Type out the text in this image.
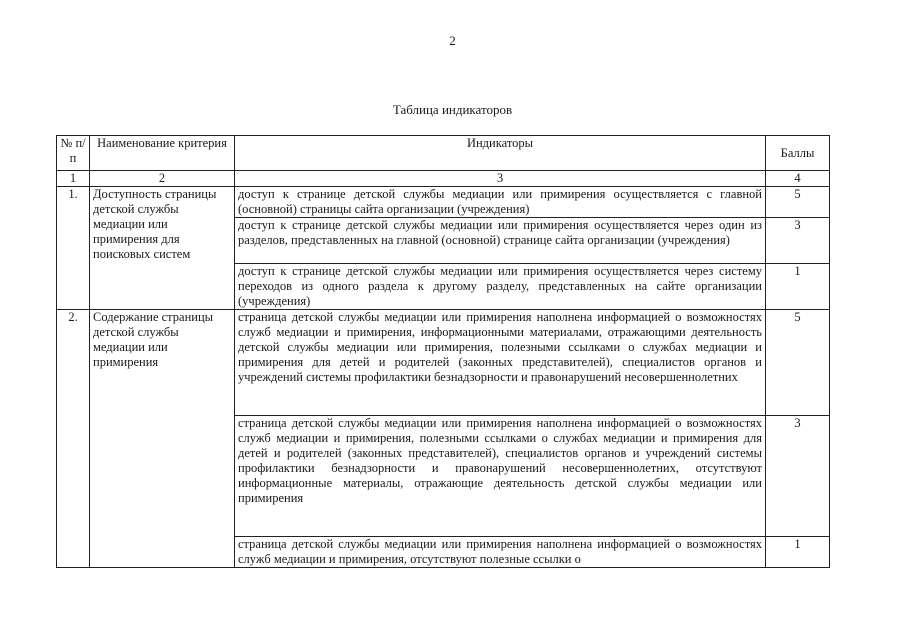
2
Таблица индикаторов
№ п/п	Наименование критерия	Индикаторы	Баллы
1	2	3	4
1.	Доступность страницы детской службы медиации или примирения для поисковых систем	доступ к странице детской службы медиации или примирения осуществляется с главной (основной) страницы сайта организации (учреждения)	5
		доступ к странице детской службы медиации или примирения осуществляется через один из разделов, представленных на главной (основной) странице сайта организации (учреждения)	3
		доступ к странице детской службы медиации или примирения осуществляется через систему переходов из одного раздела к другому разделу, представленных на сайте организации (учреждения)	1
2.	Содержание страницы детской службы медиации или примирения	страница детской службы медиации или примирения наполнена информацией о возможностях служб медиации и примирения, информационными материалами, отражающими деятельность детской службы медиации или примирения, полезными ссылками о службах медиации и примирения для детей и родителей (законных представителей), специалистов органов и учреждений системы профилактики безнадзорности и правонарушений несовершеннолетних	5
		страница детской службы медиации или примирения наполнена информацией о возможностях служб медиации и примирения, полезными ссылками о службах медиации и примирения для детей и родителей (законных представителей), специалистов органов и учреждений системы профилактики безнадзорности и правонарушений несовершеннолетних, отсутствуют информационные материалы, отражающие деятельность детской службы медиации или примирения	3
		страница детской службы медиации или примирения наполнена информацией о возможностях служб медиации и примирения, отсутствуют полезные ссылки о	1
